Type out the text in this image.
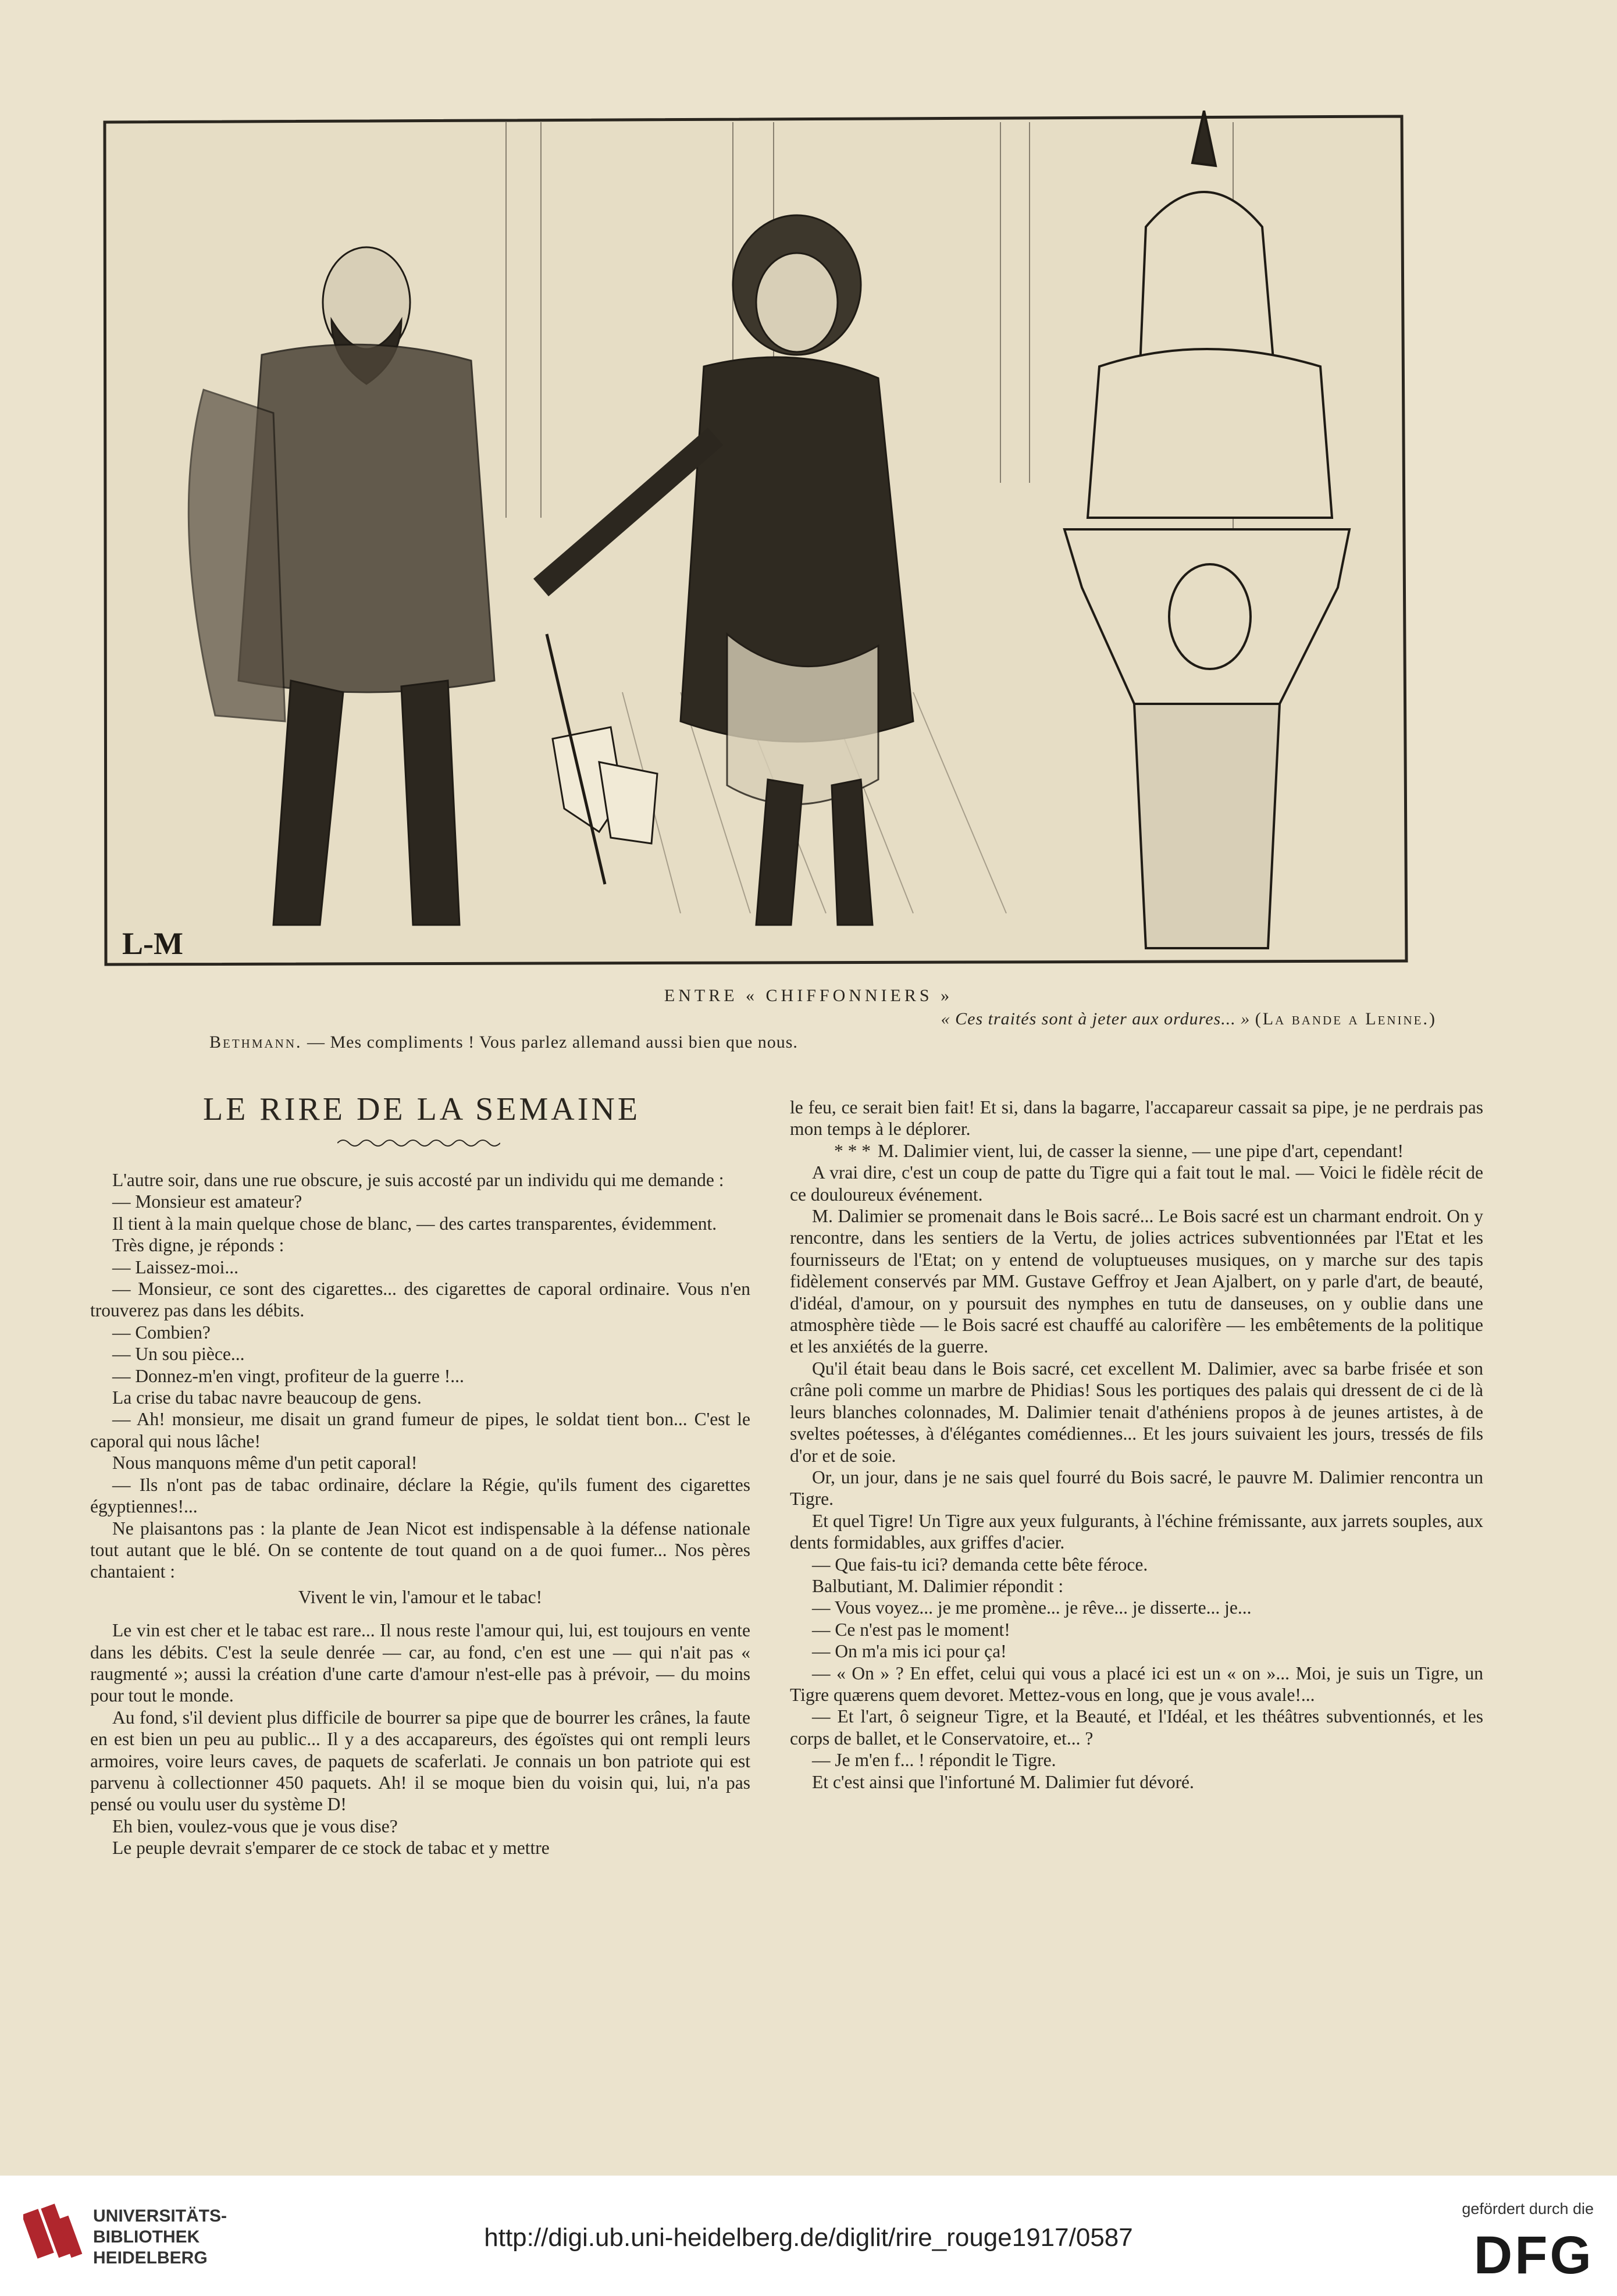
L-M
ENTRE « CHIFFONNIERS »
« Ces traités sont à jeter aux ordures... » (La bande a Lenine.)
Bethmann. — Mes compliments ! Vous parlez allemand aussi bien que nous.
LE RIRE DE LA SEMAINE

L'autre soir, dans une rue obscure, je suis accosté par un individu qui me demande :

— Monsieur est amateur?

Il tient à la main quelque chose de blanc, — des cartes transparentes, évidemment.

Très digne, je réponds :

— Laissez-moi...

— Monsieur, ce sont des cigarettes... des cigarettes de caporal ordinaire. Vous n'en trouverez pas dans les débits.

— Combien?

— Un sou pièce...

— Donnez-m'en vingt, profiteur de la guerre !...

La crise du tabac navre beaucoup de gens.

— Ah! monsieur, me disait un grand fumeur de pipes, le soldat tient bon... C'est le caporal qui nous lâche!

Nous manquons même d'un petit caporal!

— Ils n'ont pas de tabac ordinaire, déclare la Régie, qu'ils fument des cigarettes égyptiennes!...

Ne plaisantons pas : la plante de Jean Nicot est indispensable à la défense nationale tout autant que le blé. On se contente de tout quand on a de quoi fumer... Nos pères chantaient :

Vivent le vin, l'amour et le tabac!

Le vin est cher et le tabac est rare... Il nous reste l'amour qui, lui, est toujours en vente dans les débits. C'est la seule denrée — car, au fond, c'en est une — qui n'ait pas « raugmenté »; aussi la création d'une carte d'amour n'est-elle pas à prévoir, — du moins pour tout le monde.

Au fond, s'il devient plus difficile de bourrer sa pipe que de bourrer les crânes, la faute en est bien un peu au public... Il y a des accapareurs, des égoïstes qui ont rempli leurs armoires, voire leurs caves, de paquets de scaferlati. Je connais un bon patriote qui est parvenu à collectionner 450 paquets. Ah! il se moque bien du voisin qui, lui, n'a pas pensé ou voulu user du système D!

Eh bien, voulez-vous que je vous dise?

Le peuple devrait s'emparer de ce stock de tabac et y mettre

le feu, ce serait bien fait! Et si, dans la bagarre, l'accapareur cassait sa pipe, je ne perdrais pas mon temps à le déplorer.

* * * M. Dalimier vient, lui, de casser la sienne, — une pipe d'art, cependant!

A vrai dire, c'est un coup de patte du Tigre qui a fait tout le mal. — Voici le fidèle récit de ce douloureux événement.

M. Dalimier se promenait dans le Bois sacré... Le Bois sacré est un charmant endroit. On y rencontre, dans les sentiers de la Vertu, de jolies actrices subventionnées par l'Etat et les fournisseurs de l'Etat; on y entend de voluptueuses musiques, on y marche sur des tapis fidèlement conservés par MM. Gustave Geffroy et Jean Ajalbert, on y parle d'art, de beauté, d'idéal, d'amour, on y poursuit des nymphes en tutu de danseuses, on y oublie dans une atmosphère tiède — le Bois sacré est chauffé au calorifère — les embêtements de la politique et les anxiétés de la guerre.

Qu'il était beau dans le Bois sacré, cet excellent M. Dalimier, avec sa barbe frisée et son crâne poli comme un marbre de Phidias! Sous les portiques des palais qui dressent de ci de là leurs blanches colonnades, M. Dalimier tenait d'athéniens propos à de jeunes artistes, à de sveltes poétesses, à d'élégantes comédiennes... Et les jours suivaient les jours, tressés de fils d'or et de soie.

Or, un jour, dans je ne sais quel fourré du Bois sacré, le pauvre M. Dalimier rencontra un Tigre.

Et quel Tigre! Un Tigre aux yeux fulgurants, à l'échine frémissante, aux jarrets souples, aux dents formidables, aux griffes d'acier.

— Que fais-tu ici? demanda cette bête féroce.

Balbutiant, M. Dalimier répondit :

— Vous voyez... je me promène... je rêve... je disserte... je...

— Ce n'est pas le moment!

— On m'a mis ici pour ça!

— « On » ? En effet, celui qui vous a placé ici est un « on »... Moi, je suis un Tigre, un Tigre quærens quem devoret. Mettez-vous en long, que je vous avale!...

— Et l'art, ô seigneur Tigre, et la Beauté, et l'Idéal, et les théâtres subventionnés, et les corps de ballet, et le Conservatoire, et... ?

— Je m'en f... ! répondit le Tigre.

Et c'est ainsi que l'infortuné M. Dalimier fut dévoré.

UNIVERSITÄTS-
BIBLIOTHEK
HEIDELBERG
http://digi.ub.uni-heidelberg.de/diglit/rire_rouge1917/0587
gefördert durch die
DFG
